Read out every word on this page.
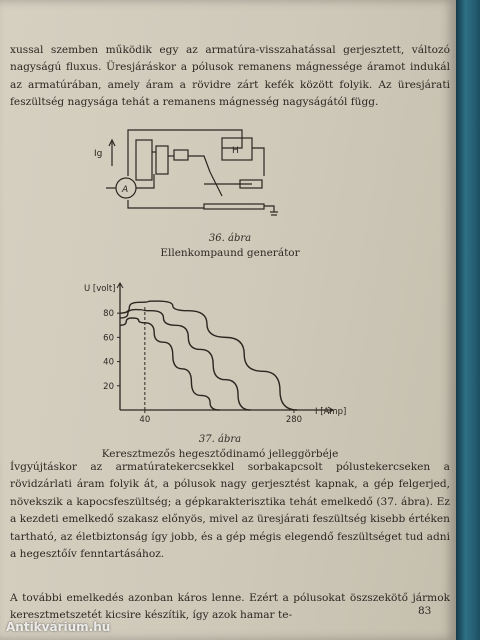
xussal szemben működik egy az armatúra-visszahatással gerjesztett, változó nagyságú fluxus. Üresjáráskor a pólusok remanens mágnessége áramot indukál az armatúrában, amely áram a rövidre zárt kefék között folyik. Az üresjárati feszültség nagysága tehát a remanens mágnesség nagyságától függ.

Ig
A
H
36. ábra
Ellenkompaund generátor
20
40
60
80
40	280
U [volt]
I [Amp]
37. ábra
Keresztmezős hegesztődinamó jelleggörbéje

Ívgyújtáskor az armatúratekercsekkel sorbakapcsolt pólustekercseken a rövidzárlati áram folyik át, a pólusok nagy gerjesztést kapnak, a gép felgerjed, növekszik a kapocsfeszültség; a gépkarakterisztika tehát emelkedő (37. ábra). Ez a kezdeti emelkedő szakasz előnyös, mivel az üresjárati feszültség kisebb értéken tartható, az életbiztonság így jobb, és a gép mégis elegendő feszültséget tud adni a hegesztőív fenntartásához.

A további emelkedés azonban káros lenne. Ezért a pólusokat öszszekötő jármok keresztmetszetét kicsire készítik, így azok hamar te-	83
Antikvárium.hu
